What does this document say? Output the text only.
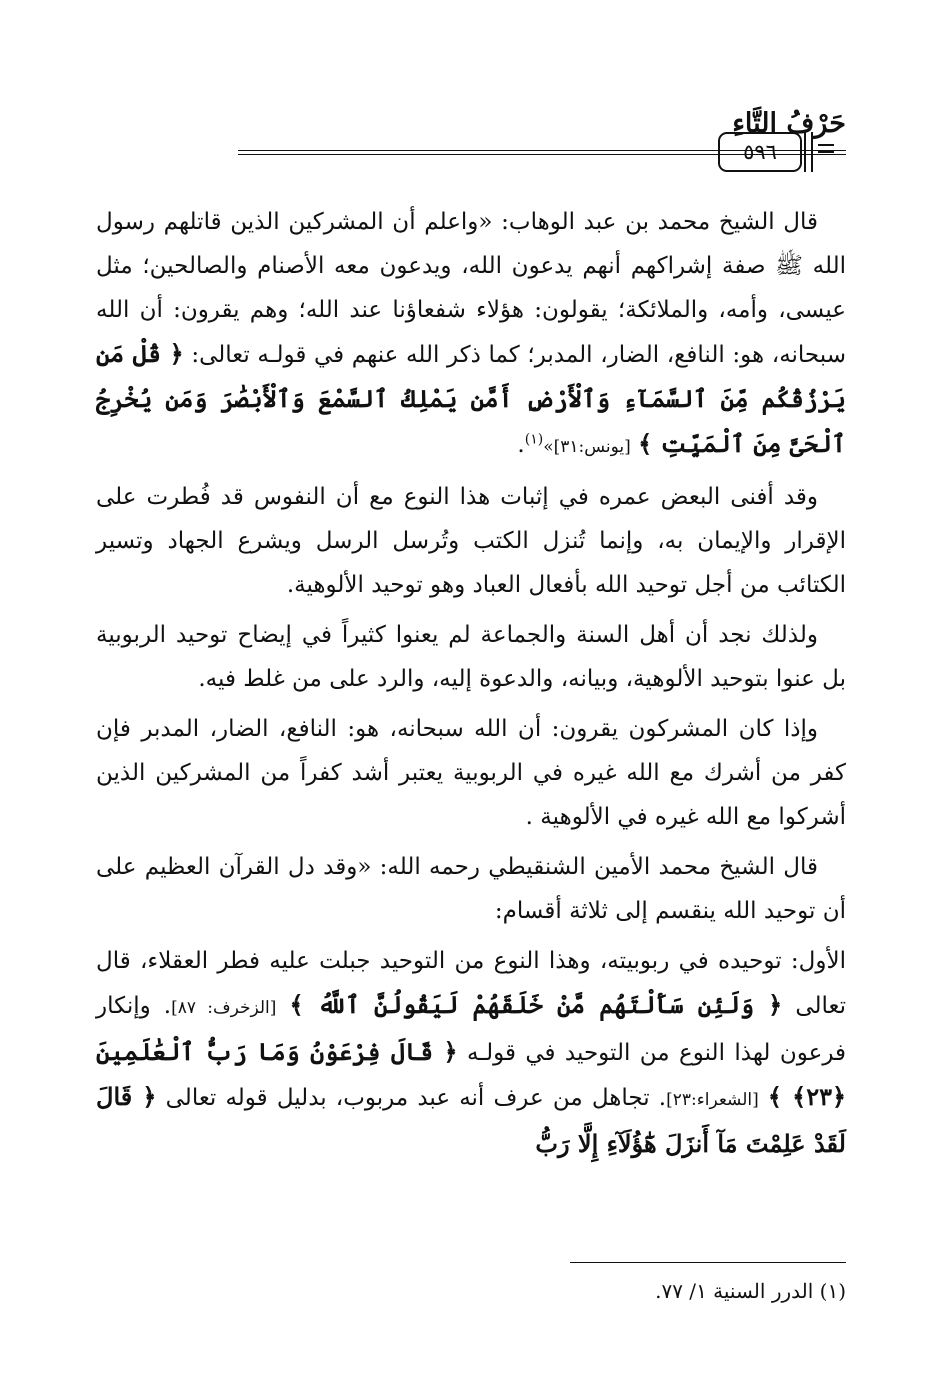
حَرْفُ التَّاءِ
٥٩٦

قال الشيخ محمد بن عبد الوهاب: «واعلم أن المشركين الذين قاتلهم رسول الله ﷺ صفة إشراكهم أنهم يدعون الله، ويدعون معه الأصنام والصالحين؛ مثل عيسى، وأمه، والملائكة؛ يقولون: هؤلاء شفعاؤنا عند الله؛ وهم يقرون: أن الله سبحانه، هو: النافع، الضار، المدبر؛ كما ذكر الله عنهم في قولـه تعالى: ﴿ قُلْ مَن يَرْزُقُكُم مِّنَ ٱلسَّمَآءِ وَٱلْأَرْضِ أَمَّن يَمْلِكُ ٱلسَّمْعَ وَٱلْأَبْصَٰرَ وَمَن يُخْرِجُ ٱلْحَىَّ مِنَ ٱلْمَيِّتِ ﴾ [يونس:٣١]»$^{(١)}$.

وقد أفنى البعض عمره في إثبات هذا النوع مع أن النفوس قد فُطرت على الإقرار والإيمان به، وإنما تُنزل الكتب وتُرسل الرسل ويشرع الجهاد وتسير الكتائب من أجل توحيد الله بأفعال العباد وهو توحيد الألوهية.

ولذلك نجد أن أهل السنة والجماعة لم يعنوا كثيراً في إيضاح توحيد الربوبية بل عنوا بتوحيد الألوهية، وبيانه، والدعوة إليه، والرد على من غلط فيه.

وإذا كان المشركون يقرون: أن الله سبحانه، هو: النافع، الضار، المدبر فإن كفر من أشرك مع الله غيره في الربوبية يعتبر أشد كفراً من المشركين الذين أشركوا مع الله غيره في الألوهية .

قال الشيخ محمد الأمين الشنقيطي رحمه الله: «وقد دل القرآن العظيم على أن توحيد الله ينقسم إلى ثلاثة أقسام:

الأول: توحيده في ربوبيته، وهذا النوع من التوحيد جبلت عليه فطر العقلاء، قال تعالى ﴿ وَلَئِن سَأَلْتَهُم مَّنْ خَلَقَهُمْ لَيَقُولُنَّ ٱللَّهُ ﴾ [الزخرف: ٨٧]. وإنكار فرعون لهذا النوع من التوحيد في قولـه ﴿ قَالَ فِرْعَوْنُ وَمَا رَبُّ ٱلْعَٰلَمِينَ ﴿٢٣﴾ ﴾ [الشعراء:٢٣]. تجاهل من عرف أنه عبد مربوب، بدليل قوله تعالى ﴿ قَالَ لَقَدْ عَلِمْتَ مَآ أَنزَلَ هَٰٓؤُلَآءِ إِلَّا رَبُّ

(١) الدرر السنية ١/ ٧٧.
